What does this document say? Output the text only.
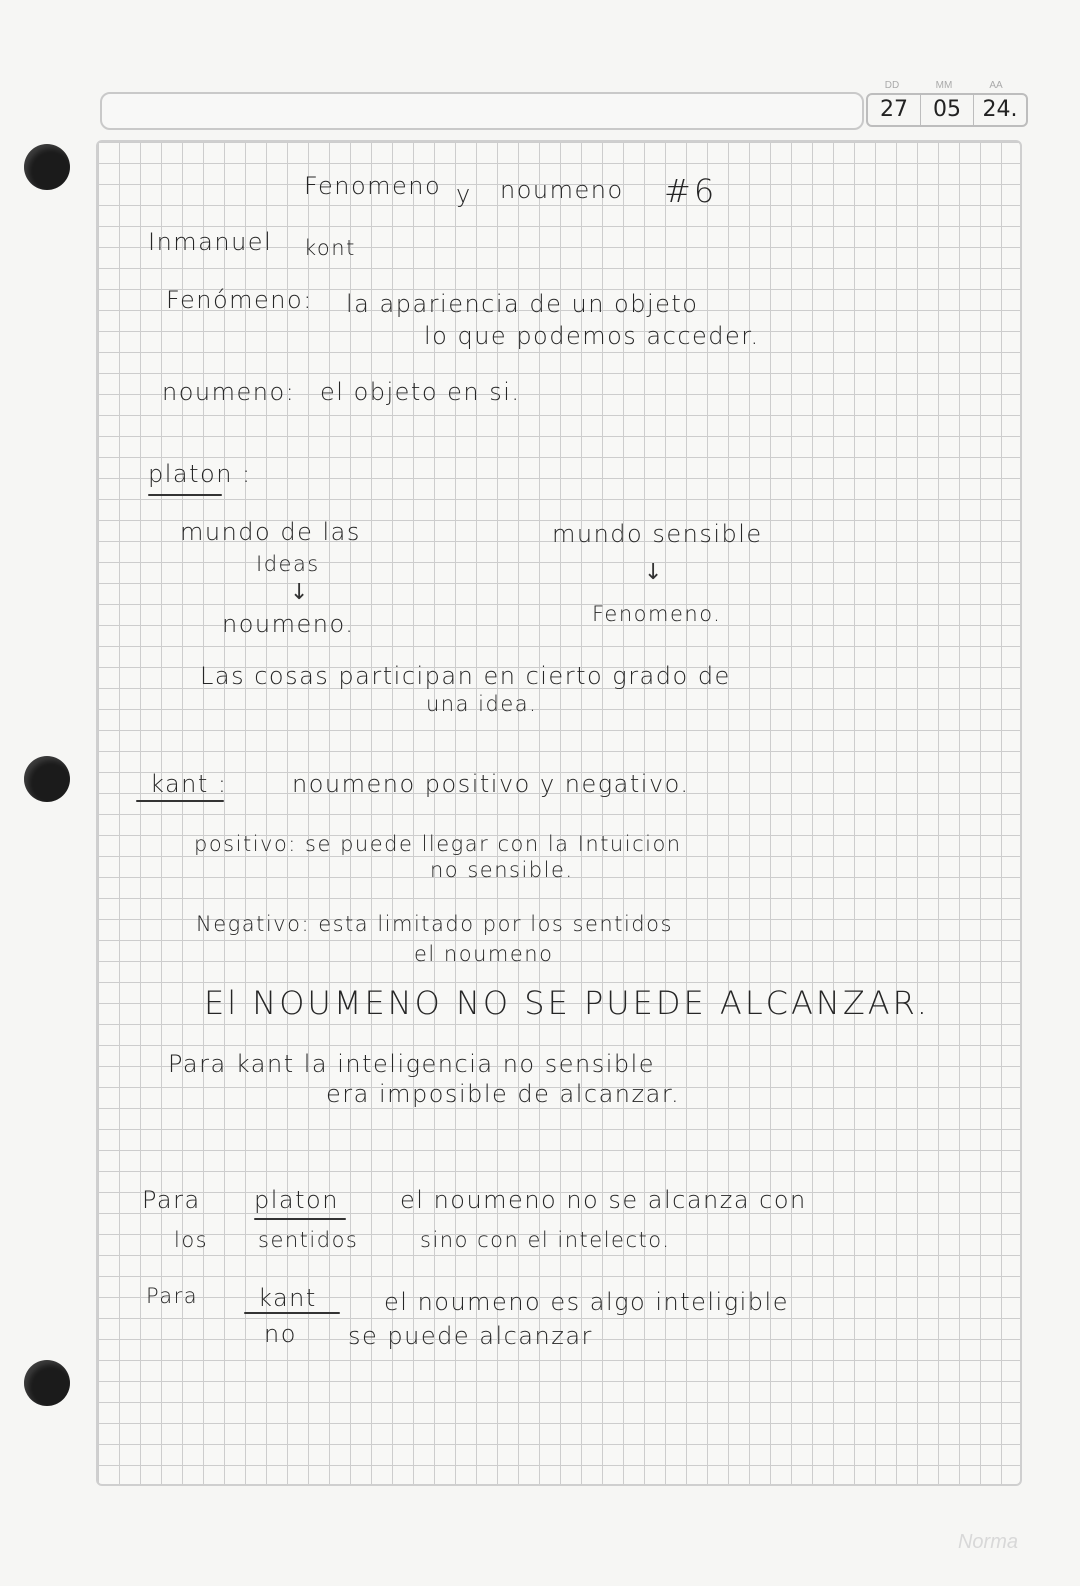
DD	MM	AA
27	05 24.
Fenomeno y noumeno #6
Inmanuel kont
Fenómeno: la apariencia de un objeto
lo que podemos acceder.
noumeno: el objeto en si.
platon :
mundo de las
Ideas
↓
noumeno.
mundo sensible
↓
Fenomeno.
Las cosas participan en cierto grado de
una idea.
kant :	noumeno positivo y negativo.
positivo: se puede llegar con la Intuicion
no sensible.
Negativo: esta limitado por los sentidos
el noumeno
El NOUMENO NO SE PUEDE ALCANZAR.
Para kant la inteligencia no sensible
era imposible de alcanzar.
Para platon	el noumeno no se alcanza con
los sentidos	sino con el intelecto.
Para kant	el noumeno es algo inteligible
no se puede alcanzar
Norma
